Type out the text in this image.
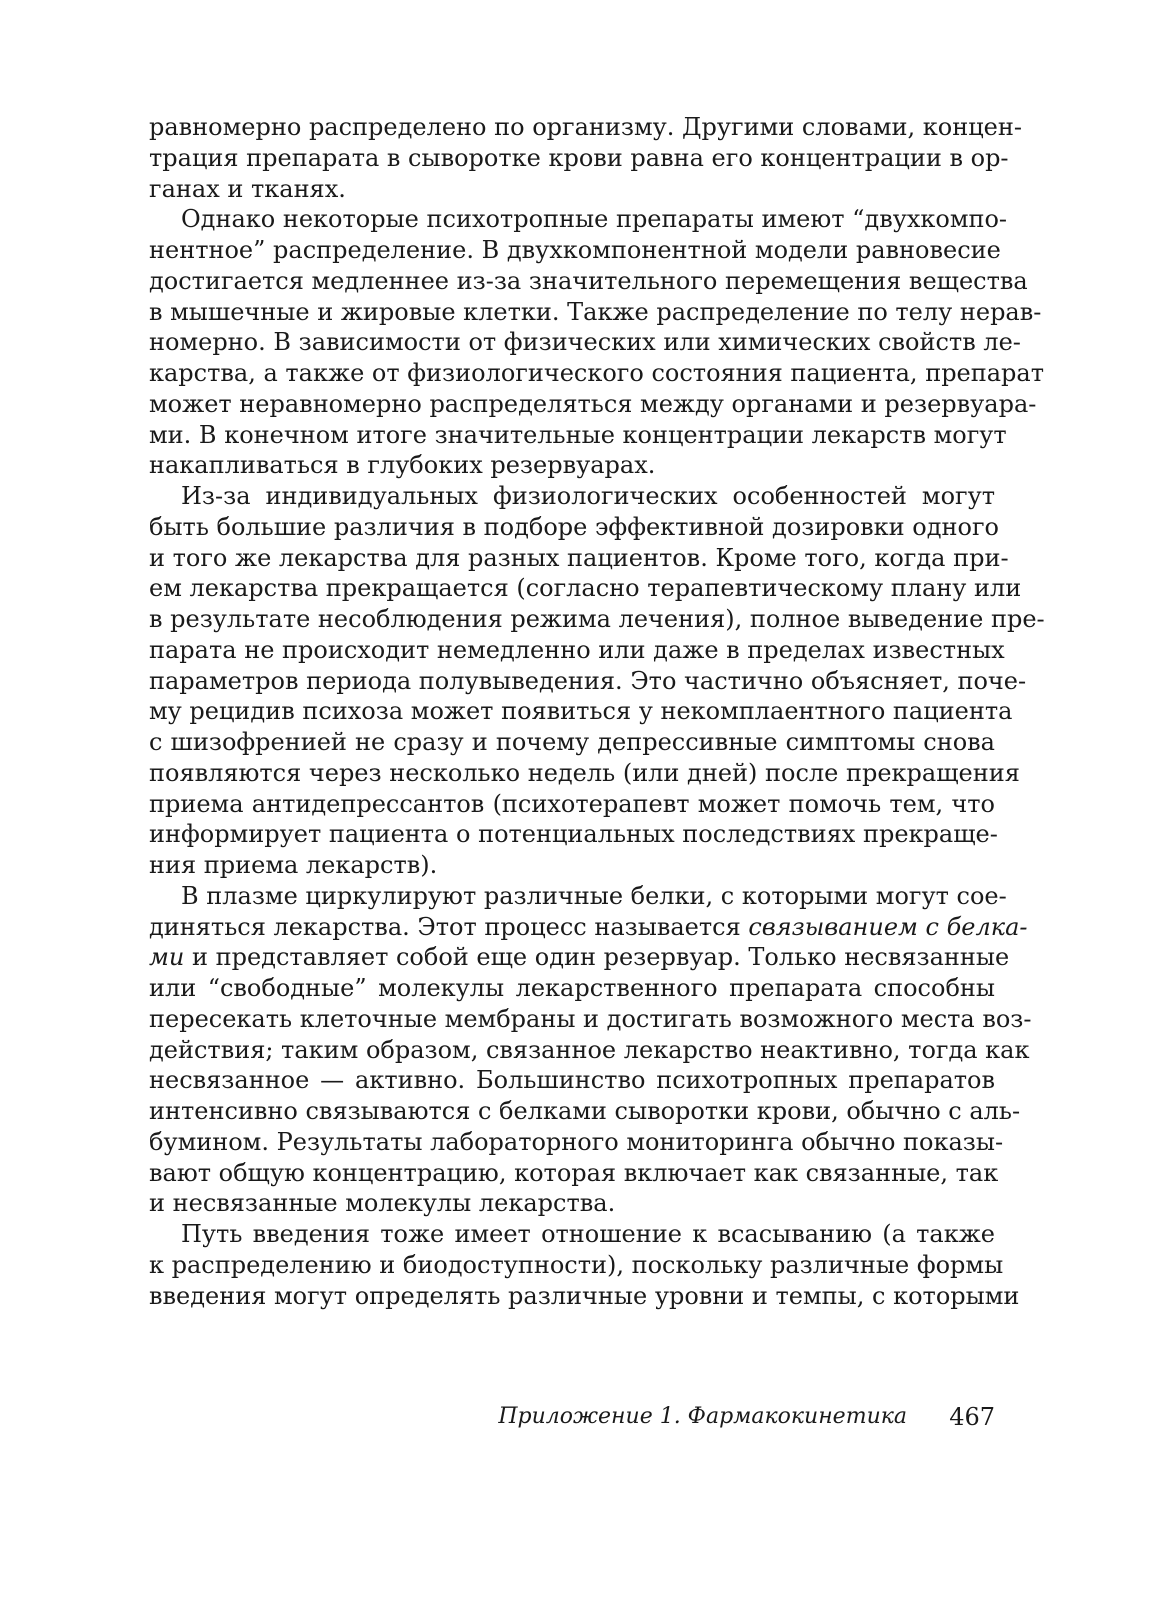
равномерно распределено по организму. Другими словами, концен-
трация препарата в сыворотке крови равна его концентрации в ор-
ганах и тканях.
Однако некоторые психотропные препараты имеют “двухкомпо-
нентное” распределение. В двухкомпонентной модели равновесие
достигается медленнее из-за значительного перемещения вещества
в мышечные и жировые клетки. Также распределение по телу нерав-
номерно. В зависимости от физических или химических свойств ле-
карства, а также от физиологического состояния пациента, препарат
может неравномерно распределяться между органами и резервуара-
ми. В конечном итоге значительные концентрации лекарств могут
накапливаться в глубоких резервуарах.
Из-за индивидуальных физиологических особенностей могут
быть большие различия в подборе эффективной дозировки одного
и того же лекарства для разных пациентов. Кроме того, когда при-
ем лекарства прекращается (согласно терапевтическому плану или
в результате несоблюдения режима лечения), полное выведение пре-
парата не происходит немедленно или даже в пределах известных
параметров периода полувыведения. Это частично объясняет, поче-
му рецидив психоза может появиться у некомплаентного пациента
с шизофренией не сразу и почему депрессивные симптомы снова
появляются через несколько недель (или дней) после прекращения
приема антидепрессантов (психотерапевт может помочь тем, что
информирует пациента о потенциальных последствиях прекраще-
ния приема лекарств).
В плазме циркулируют различные белки, с которыми могут сое-
диняться лекарства. Этот процесс называется связыванием с белка-
ми и представляет собой еще один резервуар. Только несвязанные
или “свободные” молекулы лекарственного препарата способны
пересекать клеточные мембраны и достигать возможного места воз-
действия; таким образом, связанное лекарство неактивно, тогда как
несвязанное — активно. Большинство психотропных препаратов
интенсивно связываются с белками сыворотки крови, обычно с аль-
бумином. Результаты лабораторного мониторинга обычно показы-
вают общую концентрацию, которая включает как связанные, так
и несвязанные молекулы лекарства.
Путь введения тоже имеет отношение к всасыванию (а также
к распределению и биодоступности), поскольку различные формы
введения могут определять различные уровни и темпы, с которыми
Приложение 1. Фармакокинетика 467
